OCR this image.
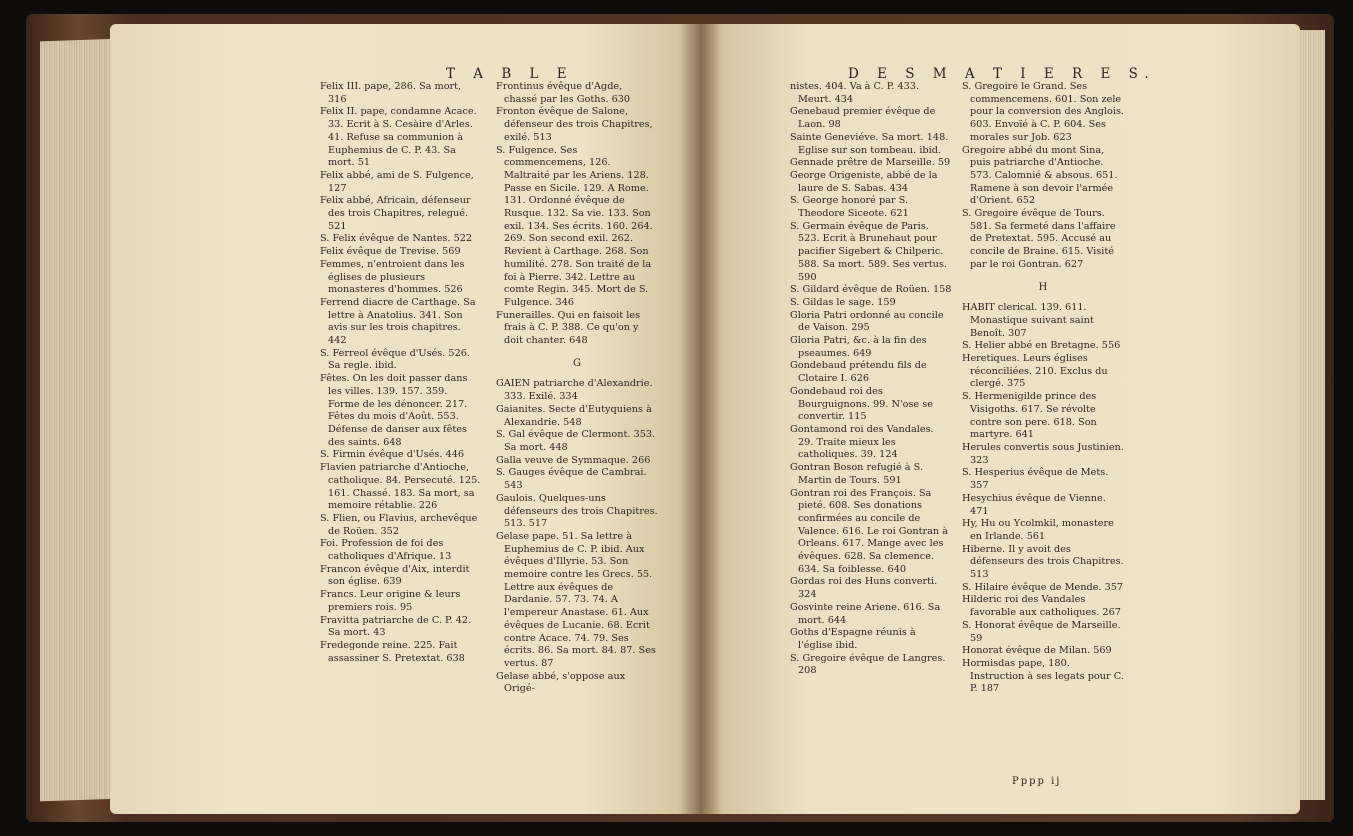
T A B L E	D E S M A T I E R E S.

Felix III. pape, 286. Sa mort, 316

Felix II. pape, condamne Acace. 33. Ecrit à S. Cesàire d'Arles. 41. Refuse sa communion à Euphemius de C. P. 43. Sa mort. 51

Felix abbé, ami de S. Fulgence, 127

Felix abbé, Africain, défenseur des trois Chapitres, relegué. 521

S. Felix évêque de Nantes. 522

Felix évêque de Trevise. 569

Femmes, n'entroient dans les églises de plusieurs monasteres d'hommes. 526

Ferrend diacre de Carthage. Sa lettre à Anatolius. 341. Son avis sur les trois chapitres. 442

S. Ferreol évêque d'Usés. 526. Sa regle. ibid.

Fêtes. On les doit passer dans les villes. 139. 157. 359. Forme de les dénoncer. 217. Fêtes du mois d'Août. 553. Défense de danser aux fêtes des saints. 648

S. Firmin évêque d'Usés. 446

Flavien patriarche d'Antioche, catholique. 84. Persecuté. 125. 161. Chassé. 183. Sa mort, sa memoire rétablie. 226

S. Flien, ou Flavius, archevêque de Roüen. 352

Foi. Profession de foi des catholiques d'Afrique. 13

Francon évêque d'Aix, interdit son église. 639

Francs. Leur origine & leurs premiers rois. 95

Fravitta patriarche de C. P. 42. Sa mort. 43

Fredegonde reine. 225. Fait assassiner S. Pretextat. 638

Frontinus évêque d'Agde, chassé par les Goths. 630

Fronton évêque de Salone, défenseur des trois Chapitres, exilé. 513

S. Fulgence. Ses commencemens, 126. Maltraité par les Ariens. 128. Passe en Sicile. 129. A Rome. 131. Ordonné évêque de Rusque. 132. Sa vie. 133. Son exil. 134. Ses écrits. 160. 264. 269. Son second exil. 262. Revient à Carthage. 268. Son humilité. 278. Son traité de la foi à Pierre. 342. Lettre au comte Regin. 345. Mort de S. Fulgence. 346

Funerailles. Qui en faisoit les frais à C. P. 388. Ce qu'on y doit chanter. 648

G

GAIEN patriarche d'Alexandrie. 333. Exilé. 334

Gaianites. Secte d'Eutyquiens à Alexandrie. 548

S. Gal évêque de Clermont. 353. Sa mort. 448

Galla veuve de Symmaque. 266

S. Gauges évêque de Cambrai. 543

Gaulois. Quelques-uns défenseurs des trois Chapitres. 513. 517

Gelase pape. 51. Sa lettre à Euphemius de C. P. ibid. Aux évêques d'Illyrie. 53. Son memoire contre les Grecs. 55. Lettre aux évêques de Dardanie. 57. 73. 74. A l'empereur Anastase. 61. Aux évêques de Lucanie. 68. Ecrit contre Acace. 74. 79. Ses écrits. 86. Sa mort. 84. 87. Ses vertus. 87

Gelase abbé, s'oppose aux Origé-

nistes. 404. Va à C. P. 433. Meurt. 434

Genebaud premier évêque de Laon. 98

Sainte Geneviéve. Sa mort. 148. Eglise sur son tombeau. ibid.

Gennade prêtre de Marseille. 59

George Origeniste, abbé de la laure de S. Sabas. 434

S. George honoré par S. Theodore Siceote. 621

S. Germain évêque de Paris. 523. Ecrit à Brunehaut pour pacifier Sigebert & Chilperic. 588. Sa mort. 589. Ses vertus. 590

S. Gildard évêque de Roüen. 158

S. Gildas le sage. 159

Gloria Patri ordonné au concile de Vaison. 295

Gloria Patri, &c. à la fin des pseaumes. 649

Gondebaud prétendu fils de Clotaire I. 626

Gondebaud roi des Bourguignons. 99. N'ose se convertir. 115

Gontamond roi des Vandales. 29. Traite mieux les catholiques. 39. 124

Gontran Boson refugié à S. Martin de Tours. 591

Gontran roi des François. Sa pieté. 608. Ses donations confirmées au concile de Valence. 616. Le roi Gontran à Orleans. 617. Mange avec les évêques. 628. Sa clemence. 634. Sa foiblesse. 640

Gordas roi des Huns converti. 324

Gosvinte reine Ariene. 616. Sa mort. 644

Goths d'Espagne réunis à l'église ibid.

S. Gregoire évêque de Langres. 208

S. Gregoire le Grand. Ses commencemens. 601. Son zele pour la conversion des Anglois. 603. Envoïé à C. P. 604. Ses morales sur Job. 623

Gregoire abbé du mont Sina, puis patriarche d'Antioche. 573. Calomnié & absous. 651. Ramene à son devoir l'armée d'Orient. 652

S. Gregoire évêque de Tours. 581. Sa fermeté dans l'affaire de Pretextat. 595. Accusé au concile de Braine. 615. Visité par le roi Gontran. 627

H

HABIT clerical. 139. 611. Monastique suivant saint Benoît. 307

S. Helier abbé en Bretagne. 556

Heretiques. Leurs églises réconciliées. 210. Exclus du clergé. 375

S. Hermenigilde prince des Visigoths. 617. Se révolte contre son pere. 618. Son martyre. 641

Herules convertis sous Justinien. 323

S. Hesperius évêque de Mets. 357

Hesychius évêque de Vienne. 471

Hy, Hu ou Ycolmkil, monastere en Irlande. 561

Hiberne. Il y avoit des défenseurs des trois Chapitres. 513

S. Hilaire évêque de Mende. 357

Hilderic roi des Vandales favorable aux catholiques. 267

S. Honorat évêque de Marseille. 59

Honorat évêque de Milan. 569

Hormisdas pape, 180. Instruction à ses legats pour C. P. 187

Pppp ij
